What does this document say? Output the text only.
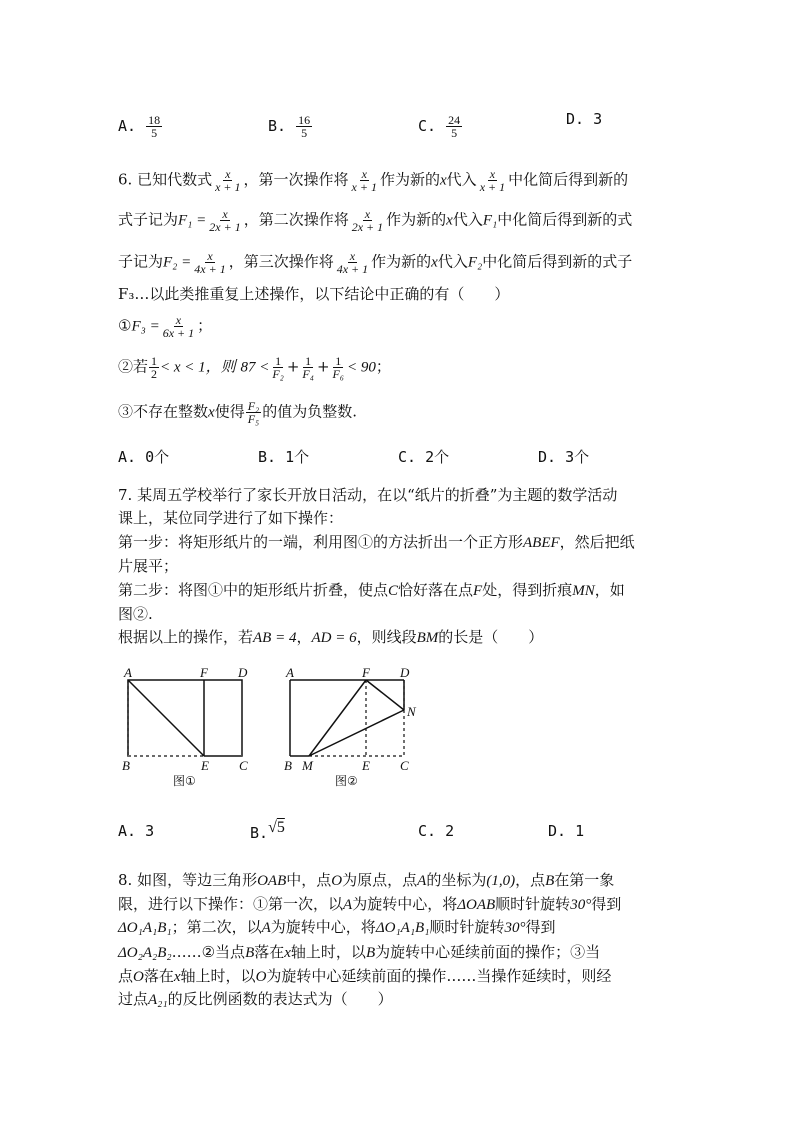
A. $\frac{18}{5}$	B. $\frac{16}{5}$	C. $\frac{24}{5}$	D. 3
6. 已知代数式 $\frac{x}{x + 1}$ ，第一次操作将 $\frac{x}{x + 1}$ 作为新的x代入 $\frac{x}{x + 1}$ 中化简后得到新的
式子记为$F_1 = \frac{x}{2x + 1}$ ，第二次操作将 $\frac{x}{2x + 1}$ 作为新的x代入F₁中化简后得到新的式
子记为$F_2 = \frac{x}{4x + 1}$ ，第三次操作将 $\frac{x}{4x + 1}$ 作为新的x代入F₂中化简后得到新的式子
F₃…以此类推重复上述操作，以下结论中正确的有（　　）
①F₃ = $\frac{x}{6x + 1}$ ；
②若 $\frac{1}{2} < x < 1$，则 $87 < \frac{1}{\text{F₂}} + \frac{1}{\text{F₄}} + \frac{1}{\text{F₆}} < 90$；
③不存在整数x使得 $\frac{\text{F₂}}{\text{F₅}}$ 的值为负整数.
A. 0个	B. 1个	C. 2个	D. 3个
7. 某周五学校举行了家长开放日活动，在以“纸片的折叠”为主题的数学活动
课上，某位同学进行了如下操作：
第一步：将矩形纸片的一端，利用图①的方法折出一个正方形ABEF，然后把纸
片展平；
第二步：将图①中的矩形纸片折叠，使点C恰好落在点F处，得到折痕MN，如
图②.
根据以上的操作，若AB = 4，AD = 6，则线段BM的长是（　　）
A	F D
B	E C
图①
A	F D
N
B M	E C
图②
A. 3	B.√5	C. 2	D. 1
8. 如图，等边三角形OAB中，点O为原点，点A的坐标为(1,0)，点B在第一象
限，进行以下操作：①第一次，以A为旋转中心，将ΔOAB顺时针旋转30°得到
ΔO₁A₁B₁；第二次，以A为旋转中心，将ΔO₁A₁B₁顺时针旋转30°得到
ΔO₂A₂B₂……②当点B落在x轴上时，以B为旋转中心延续前面的操作；③当
点O落在x轴上时，以O为旋转中心延续前面的操作……当操作延续时，则经
过点A₂₁的反比例函数的表达式为（　　）
